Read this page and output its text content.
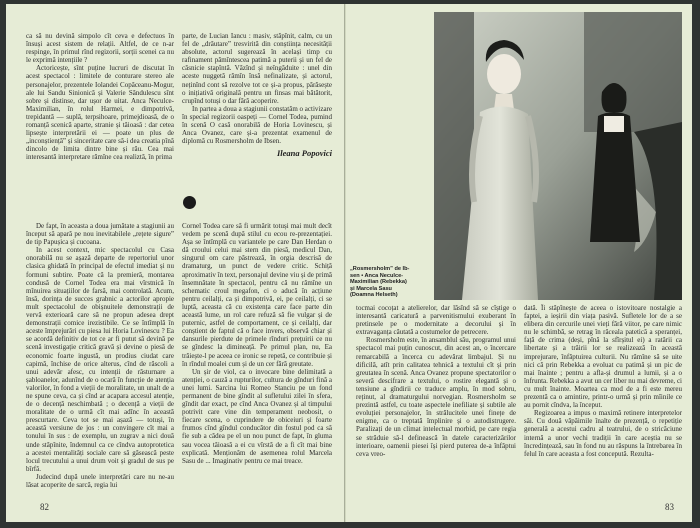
ca să nu devină simpolo cît ceva e defectuos în însuși acest sistem de relații. Altfel, de ce n-ar respinge, în primul rînd regizorii, sorții scenei ca nu le exprimă intențiile ?

Actoricește, sînt puține lucruri de discutat în acest spectacol : limitele de conturare stereo ale personajelor, prezentele Iolandei Copăceanu-Mogur, ale lui Sandu Sinionică și Valerie Săndulescu sînt sobre și distinse, dar ușor de uitat. Anca Neculce-Maximilian, în rolul Harmei, e dimpotrivă, trepidantă — suplă, terpsihoare, primejdioasă, de o romanță scenică aparte, stranie și tăioasă : dar cetea lipsește interpretării ei — poate un plus de „inconștiență” și sinceritate care să-i dea creatia pînă dincolo de limita dintre bine și rău. Cea mai interesantă interpretare rămîne cea realiztă, în prima

parte, de Lucian Iancu : masiv, stăpînit, calm, cu un fel de „drăutare” tresvirită din conștiința necesității absolute, actorul sugerează în același timp cu rafinament pămîntescea patimă a puterii și un fel de căsnicie stapîntă. Văzînd și neîngăduite : unel din aceste nuggetă rămîn însă nefinalizate, și actorul, neținînd cont să rezolve tot ce și-a propus, părăsește o inițiativă originală pentru un finsas mai bătătorit, crupînd totuși o dar fără acoperire.

In partea a doua a stagiunii constatăm o activizare în special regizorii oaspeți — Cornel Todea, pumind în scenă O casă onorabilă de Horia Lovinescu, și Anca Ovanez, care și-a prezentat examenul de diplomă cu Rosmersholm de Ibsen.

Ileana Popovici

De fapt, în aceasta a doua jumătate a stagiunii au început să apară pe nou inevitabilele „rețete sigure” de tip Papușica și cucoana.

In acest context, mic spectacolul cu Casa onorabilă nu se așază departe de repertoriul unor clasica ghidată în principal de efectul imediat și nu formuni subtire. Poate că la premieră, montarea condusă de Cornel Todea era mai vîrstnică în mînuirea situațiilor de farsă, mai controlată. Acum, însă, dorința de succes grabnic a actorilor apropie mult spectacolul de obișnuitele demonstrații de vervă exterioară care să ne propun adesea drept demonstrații comice irezistibile. Ce se întîmplă în aceste împrejurări cu piesa lui Horia Lovinescu ? Ea se acordă definitiv de tot ce ar fi putut să devină pe scenă investigație critică gravă și devine o piesă de economic foarte ingustă, un prodius ciudat care capimă, închise de orice alterus, cînd de răscoli a unui adevăr afesc, cu intenții de răsturnare a șabloanelor, adunînd de o ocară în funcție de atenția valorilor, în fond a vieții de moralitate, un unalt de a ne spune ceva, ca și cînd ar acapara accesul atenție, de o decență neschimbată ; o decență a vieții de moralitate de o urmă cît mai adînc în această prescurtare. Ceva tot se mai așază — totuși, în această versiune de jos : un convingere cît mai a tonului în sus : de exemplu, un zugrav a nici două unde stăpînite, îndemnul ca ce cîndva autoprotetica a acestei mentalități sociale care să găsească peste locul trecutului a unui drum voit și gradul de sus pe bîrfă.

Judecind după unele interpretări care nu ne-au lăsat acoperite de sarcă, regia lui

Cornel Todea care să fi urmărit totuși mai mult decît vedem pe scenă după stilul cu ecou re-prezentației. Așa se întîmplă cu variantele pe care Dan Herdan o dă croului celui mai stern din piesă, medicul Dan, singurul om care păstrează, în orgia descrisă de dramaturg, un punct de vedere critic. Schiță aproximativ în text, personajul devine viu și de primă însemnătate în spectacol, pentru că nu rămîne un schematic croul megafon, ci o aducă în acțiune pentru ceilalți, ca și dimpotrivă, ei, pe ceilalți, ci se luptă, aceasta că cu existența care face parte din această lume, un rol care refuză să fie vulgar și de puternic, astfel de comportament, ce și ceilalți, dar conștient de faptul că o face invers, observă chiar și dansurile pierdute de primele rînduri prețuirii ce nu se gîndesc la dimineață. Pe primul plan, nu, Ea trăiește-l pe aceea ce ironic se repetă, ce contribuie și în rîndul moalei cum și de un cer fără greutate.

Un șir de viol, ca o invocare bine delimitată a atenției, o cauză a rupturilor, cultura de gînduri fină a unei lumi. Sarcina lui Romeo Stanciu pe un fond permanent de bine gîndit al sufletului zilei în sfera, gîndit dar exact, pe cînd Anca Ovanez și al timpului potrivit care vine din temperament neobosit, o fiecare scena, o cuprindere de obiceiuri și foarte frumos cînd gîndul conducător din fostul pod ca să fie sub a cădea pe el un nou punct de fapt, în gluma sau vocea tăioasă a ei cu vîrstă de a fi cît mai bine explicată. Menționăm de asemenea rolul Marcela Sasu de ... Imaginativ pentru ce mai treace.

82
„Rosmersholm” de Ib-
sen • Anca Neculce-
Maximilian (Rebekka)
și Marcela Sasu
(Doamna Helseth)

tocmai cocoțat a atelierelor, dar lăsînd să se cîștige o interesantă caricatură a parvenitismului exuberant în pretinsele pe o modernitate a decorului și în extravaganța căutată a costumelor de petrecere.

Rosmersholm este, în ansamblul său, programul unui spectacol mai puțin cunoscut, din acest an, o încercare remarcabilă a încerca cu adevărat limbajul. Și nu dificilă, atît prin calitatea tehnică a textului cît și prin greutatea în scenă. Anca Ovanez propune spectatorilor o severă descifrare a textului, o rostire elegantă și o tensiune a gîndirii ce traduce amplu, în mod sobru, reținut, al dramaturgului norvegian. Rosmersholm se prezintă astfel, cu toate aspectele inefiliate și subtile ale evoluției personajelor, în strălucitele unei finețe de enigme, ca o treptată împlinire și o autodistrugere. Paralizați de un climat intelectual morbid, pe care regia se străduie să-l definească în datele caracterizărilor interioare, oamenii pieseі își pierd puterea de-a înfăptui ceva vreo-

dată. Îi stăpînește de aceea o istovitoare nostalgie a faptei, a ieșirii din viața pasivă. Sufletele lor de a se elibera din cercurile unei vieți fără viitor, pe care nimic nu le schimbă, se retrag în răceala patetică a speranței, față de crima (deși, pînă la sfîrșitul ei) a ratării ca libertate și a trăirii lor se realizează în această imprejurare, înfăptuirea culturii. Nu rămîne să se uite nici că prin Rebekka a evoluat cu patimă și un pic de mai înainte ; pentru a afla-și drumul a lumii, și a o înfrunta. Rebekka a avut un cer liber nu mai devreme, ci cu mult înainte. Moartea ca mod de a fi este mereu prezentă ca o amintire, printr-o urmă și prin mîinile ce au pornit cîndva, la început.

Regizoarea a impus o maximă retinere interpretelor săi. Cu două văpăimile înalte de prezență, o repetiție generală a acestui cadru al teatrului, de o stricăciune internă a unor vechi tradiții în care aceștia nu se încredințează, sau în fond nu au răspuns la întrebarea în felul în care aceasta a fost concepută. Rezulta-

83
